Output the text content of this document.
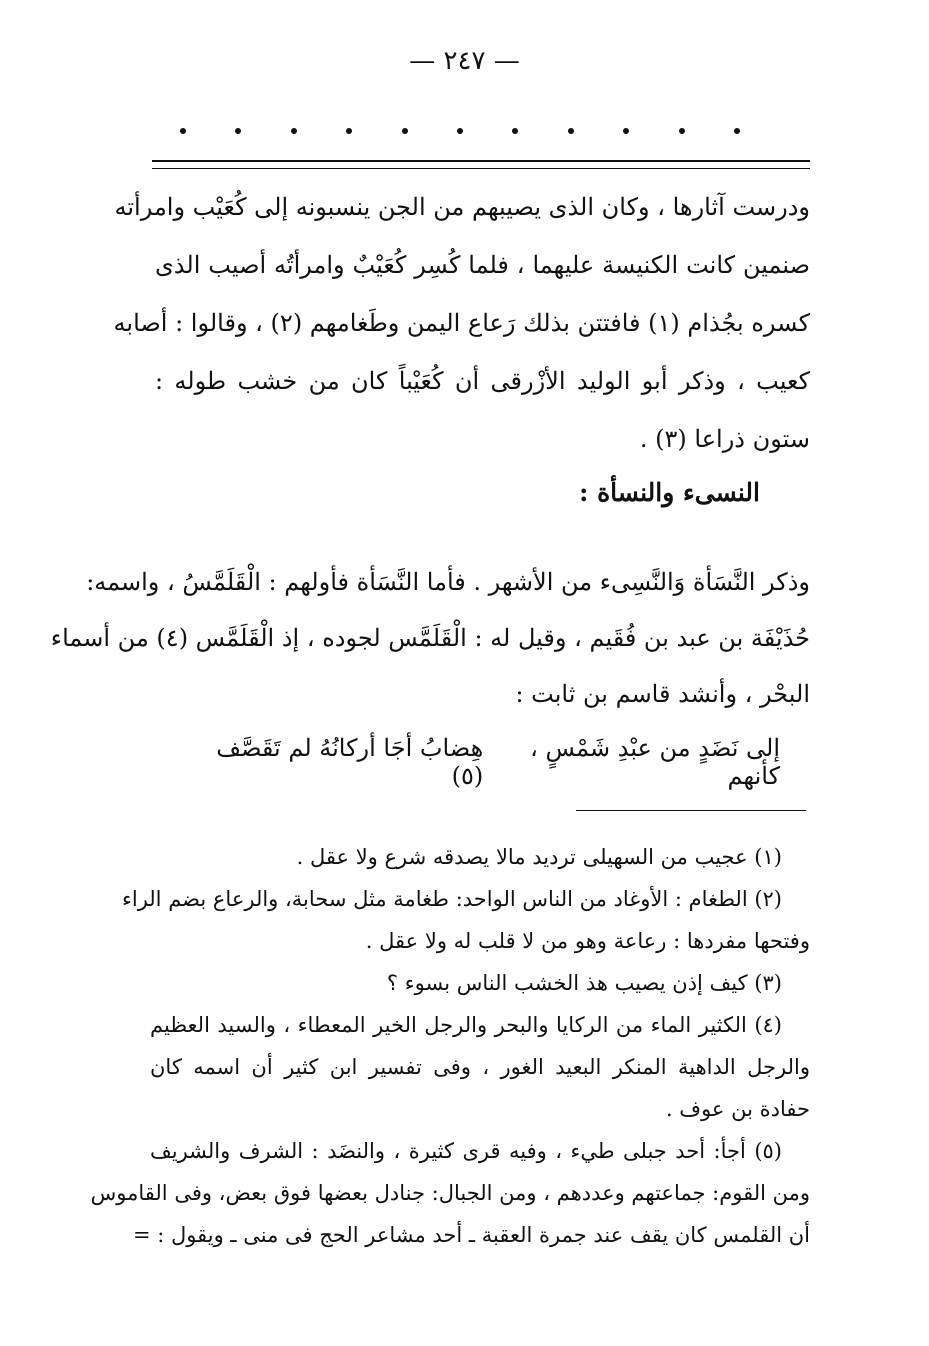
— ٢٤٧ —
ودرست آثارها ، وكان الذى يصيبهم من الجن ينسبونه إلى كُعَيْب وامرأته
صنمين كانت الكنيسة عليهما ، فلما كُسِر كُعَيْبٌ وامرأتُه أصيب الذى
كسره بجُذام (١) فافتتن بذلك رَعاع اليمن وطَغامهم (٢) ، وقالوا : أصابه
كعيب ، وذكر أبو الوليد الأزْرقى أن كُعَيْباً كان من خشب طوله :
ستون ذراعا (٣) .
النسىء والنسأة :
وذكر النَّسَأة وَالنَّسِىء من الأشهر . فأما النَّسَأة فأولهم : الْقَلَمَّسُ ، واسمه:
حُذَيْفَة بن عبد بن فُقَيم ، وقيل له : الْقَلَمَّس لجوده ، إذ الْقَلَمَّس (٤) من أسماء
البحْر ، وأنشد قاسم بن ثابت :
إلى نَضَدٍ من عبْدِ شَمْسٍ ، كأنهم
هِضابُ أجَا أركانُهُ لم تَقَصَّف (٥)
(١) عجيب من السهيلى ترديد مالا يصدقه شرع ولا عقل .
(٢) الطغام : الأوغاد من الناس الواحد: طغامة مثل سحابة، والرعاع بضم الراء
وفتحها مفردها : رعاعة وهو من لا قلب له ولا عقل .
(٣) كيف إذن يصيب هذ الخشب الناس بسوء ؟
(٤) الكثير الماء من الركايا والبحر والرجل الخير المعطاء ، والسيد العظيم
والرجل الداهية المنكر البعيد الغور ، وفى تفسير ابن كثير أن اسمه كان
حفادة بن عوف .
(٥) أجأ: أحد جبلى طيء ، وفيه قرى كثيرة ، والنضَد : الشرف والشريف
ومن القوم: جماعتهم وعددهم ، ومن الجبال: جنادل بعضها فوق بعض، وفى القاموس
أن القلمس كان يقف عند جمرة العقبة ـ أحد مشاعر الحج فى منى ـ ويقول : =
